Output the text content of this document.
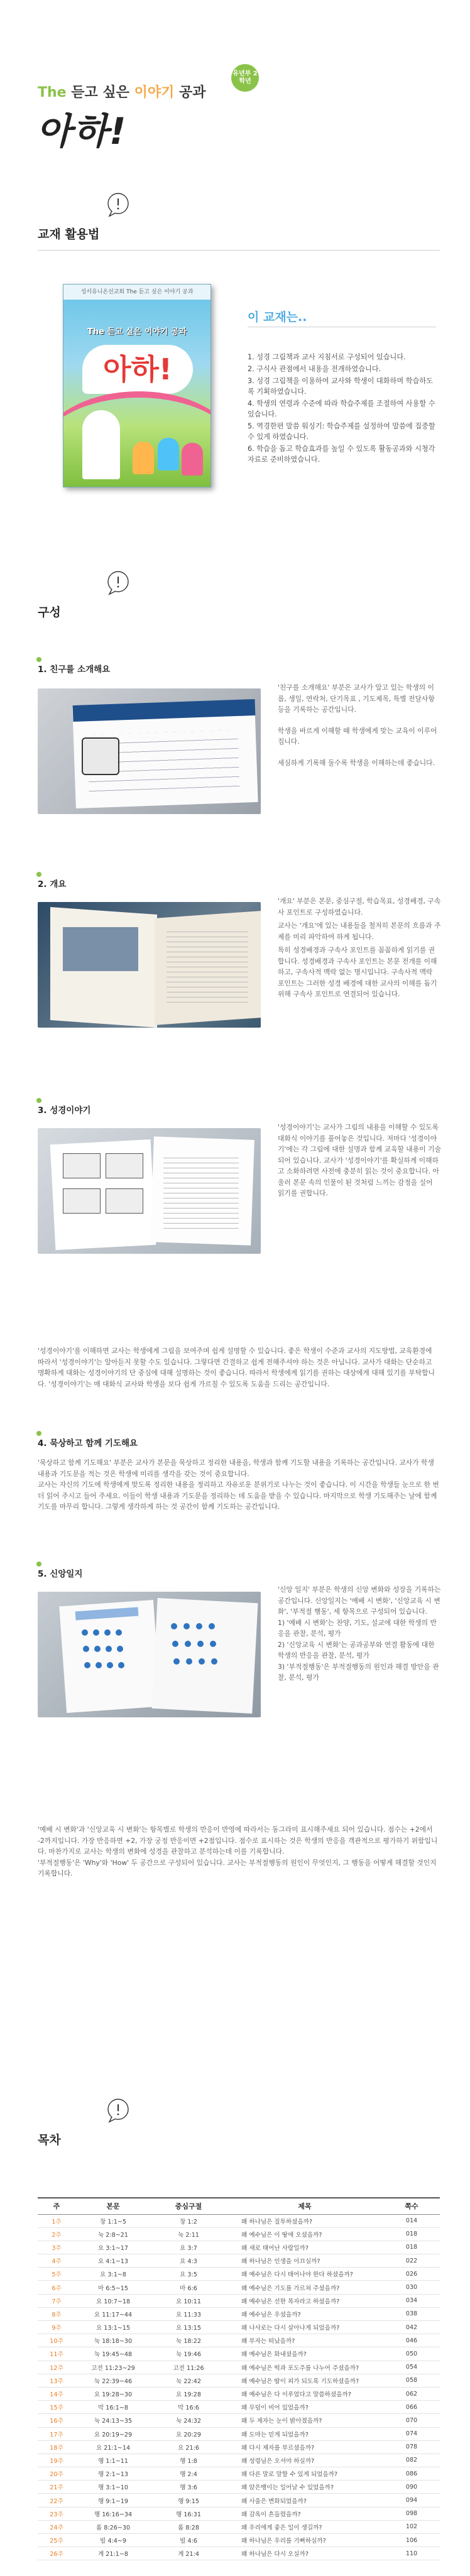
The 듣고 싶은 이야기 공과
유년부 2학년
아하!
교재 활용법
성서유니온선교회 The 듣고 싶은 이야기 공과
The 듣고 싶은 이야기 공과
아하!
이 교재는..
1. 성경 그림책과 교사 지침서로 구성되어 있습니다.
2. 구식사 관점에서 내용을 전개하였습니다.
3. 성경 그림책을 이용하여 교사와 학생이 대화하며 학습하도록 기획하였습니다.
4. 학생의 연령과 수준에 따라 학습주제를 조절하여 사용할 수 있습니다.
5. 역경한편 말씀 워싱기: 학습주제를 설정하여 말씀에 집중할 수 있게 하였습니다.
6. 학습을 돕고 학습효과를 높일 수 있도록 활동공과와 시청각 자료로 준비하였습니다.
구성
1. 친구를 소개해요

'친구를 소개해요' 부분은 교사가 알고 있는 학생의 이름, 생일, 연락처, 단기목표 , 기도제목, 특별 전달사항 등을 기록하는 공간입니다.

학생을 바르게 이해할 때 학생에게 맞는 교육이 이루어 집니다.

세심하게 기록해 둘수록 학생을 이해하는데 좋습니다.

2. 개요

'개요' 부분은 본문, 중심구절, 학습목표, 성경배경, 구속사 포인트로 구성하였습니다.

교사는 '개요'에 있는 내용들을 철저히 본문의 흐름과 주제를 미리 파악하여 하게 됩니다.

특히 성경배경과 구속사 포인트를 꼼꼼하게 읽기를 권합니다. 성경배경과 구속사 포인트는 본문 전개를 이해하고, 구속사적 맥락 없는 명시입니다. 구속사적 맥락 포인트는 그러한 성경 배경에 대한 교사의 이해를 돕기 위해 구속사 포인트로 연결되어 있습니다.

3. 성경이야기

'성경이야기'는 교사가 그림의 내용을 이해할 수 있도록 대화식 이야기를 풀어놓은 것입니다. 저마다 '성경이야기'에는 각 그림에 대한 설명과 함께 교육할 내용이 기술되어 있습니다. 교사가 '성경이야기'를 확실하게 이해하고 소화하려면 사전에 충분히 읽는 것이 중요합니다. 아울러 본문 속의 인물이 된 것처럼 느끼는 감정을 실어 읽기를 권합니다.

'성경이야기'를 이해하면 교사는 학생에게 그림을 보여주며 쉽게 설명할 수 있습니다. 좋은 학생이 수준과 교사의 지도방법, 교육환경에 따라서 '성경이야기'는 알아듣지 못할 수도 있습니다. 그렇다면 간결하고 쉽게 전해주셔야 하는 것은 아닙니다. 교사가 대화는 단순하고 명확하게 대화는 성경이야기의 단 중심에 대해 설명하는 것이 좋습니다. 따라서 학생에게 읽기를 권하는 대상에게 대해 있기를 부탁합니다. '성경이야기'는 매 대화식 교사와 학생을 보다 쉽게 가르칠 수 있도록 도움을 드리는 공간입니다.

4. 묵상하고 함께 기도해요

'묵상하고 함께 기도해요' 부분은 교사가 본문을 묵상하고 정리한 내용을, 학생과 함께 기도할 내용을 기록하는 공간입니다. 교사가 학생 내용과 기도문을 적는 것은 학생에 미리를 생각을 갖는 것이 중요합니다.

교사는 자신의 기도에 학생에게 맞도록 정리한 내용을 정리하고 자유로운 분위기로 나누는 것이 좋습니다. 이 시간을 학생들 눈으로 한 번 더 읽어 주시고 들어 주세요. 이들이 학생 내용과 기도문을 정리하는 데 도움을 받을 수 있습니다. 마지막으로 학생 기도해주는 날에 함께 기도를 마무리 합니다. 그렇게 생각하게 하는 것 공간이 함께 기도하는 공간입니다.

5. 신앙일지

'신앙 일지' 부분은 학생의 신앙 변화와 성장을 기록하는 공간입니다. 신앙일지는 '예배 시 변화', '신앙교육 시 변화', '부적절 행동', 세 항목으로 구성되어 있습니다.

1) '예배 시 변화'는 찬양, 기도, 설교에 대한 학생의 반응을 관찰, 분석, 평가

2) '신앙교육 시 변화'는 공과공부와 연결 활동에 대한 학생의 반응을 관찰, 분석, 평가

3) '부적절행동'은 부적절행동의 원인과 해결 방안을 관찰, 분석, 평가

'예배 시 변화'과 '신앙교육 시 변화'는 항목별로 학생의 반응이 반영에 따라서는 동그라미 표시해주세요 되어 있습니다. 점수는 +2에서 -2까지입니다. 가장 반응하면 +2, 가장 궁정 반응이면 +2점입니다. 점수로 표시하는 것은 학생의 반응을 객관적으로 평가하기 위함입니다. 마찬가지로 교사는 학생의 변화에 성경을 관찰하고 분석하는데 이를 기록합니다.

'부적절행동'은 'Why'와 'How' 두 공간으로 구성되어 있습니다. 교사는 부적절행동의 원인이 무엇인지, 그 행동을 어떻게 해결할 것인지 기록합니다.

목차
주	본문	중심구절	제목	쪽수
1주	창 1:1~5	창 1:2	왜 하나님은 질투하셨을까?	014
2주	눅 2:8~21	눅 2:11	왜 예수님은 이 땅에 오셨을까?	018
3주	요 3:1~17	요 3:7	왜 새로 태어난 사람일까?	018
4주	요 4:1~13	요 4:3	왜 하나님은 인생을 이끄실까?	022
5주	요 3:1~8	요 3:5	왜 예수님은 다시 태어나야 한다 하셨을까?	026
6주	마 6:5~15	마 6:6	왜 예수님은 기도를 가르쳐 주셨을까?	030
7주	요 10:7~18	요 10:11	왜 예수님은 선한 목자라고 하셨을까?	034
8주	요 11:17~44	요 11:33	왜 예수님은 우셨을까?	038
9주	요 13:1~15	요 13:15	왜 나사로는 다시 살아나게 되었을까?	042
10주	눅 18:18~30	눅 18:22	왜 부자는 떠났을까?	046
11주	눅 19:45~48	눅 19:46	왜 예수님은 화내셨을까?	050
12주	고전 11:23~29	고전 11:26	왜 예수님은 떡과 포도주를 나누어 주셨을까?	054
13주	눅 22:39~46	눅 22:42	왜 예수님은 땀이 피가 되도록 기도하셨을까?	058
14주	요 19:28~30	요 19:28	왜 예수님은 다 이루었다고 말씀하셨을까?	062
15주	막 16:1~8	막 16:6	왜 무덤이 비어 있었을까?	066
16주	눅 24:13~35	눅 24:32	왜 두 제자는 눈이 밝아졌을까?	070
17주	요 20:19~29	요 20:29	왜 도마는 믿게 되었을까?	074
18주	요 21:1~14	요 21:6	왜 다시 제자를 부르셨을까?	078
19주	행 1:1~11	행 1:8	왜 성령님은 오셔야 하실까?	082
20주	행 2:1~13	행 2:4	왜 다른 말로 말할 수 있게 되었을까?	086
21주	행 3:1~10	행 3:6	왜 앉은뱅이는 일어날 수 있었을까?	090
22주	행 9:1~19	행 9:15	왜 사울은 변화되었을까?	094
23주	행 16:16~34	행 16:31	왜 감옥이 흔들렸을까?	098
24주	롬 8:26~30	롬 8:28	왜 우리에게 좋은 일이 생길까?	102
25주	빌 4:4~9	빌 4:6	왜 하나님은 우리를 기뻐하실까?	106
26주	계 21:1~8	계 21:4	왜 하나님은 다시 오실까?	110
